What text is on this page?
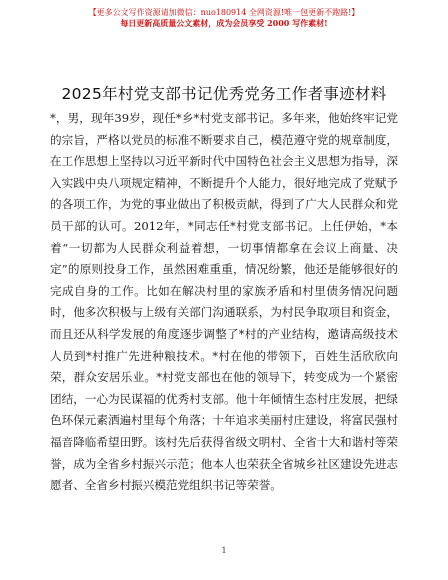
【更多公文写作资源请加微信：nuo180914 全网资源!唯一包更新不跑路!】
每日更新高质量公文素材，成为会员享受 2000 写作素材!
2025年村党支部书记优秀党务工作者事迹材料

*，男，现年39岁，现任*乡*村党支部书记。多年来，他始终牢记党的宗旨，严格以党员的标准不断要求自己，模范遵守党的规章制度，在工作思想上坚持以习近平新时代中国特色社会主义思想为指导，深入实践中央八项规定精神，不断提升个人能力，很好地完成了党赋予的各项工作，为党的事业做出了积极贡献，得到了广大人民群众和党员干部的认可。2012年，*同志任*村党支部书记。上任伊始，*本着“一切都为人民群众利益着想，一切事情都拿在会议上商量、决定”的原则投身工作，虽然困难重重，情况纷繁，他还是能够很好的完成自身的工作。比如在解决村里的家族矛盾和村里债务情况问题时，他多次积极与上级有关部门沟通联系，为村民争取项目和资金，而且还从科学发展的角度逐步调整了*村的产业结构，邀请高级技术人员到*村推广先进种粮技术。*村在他的带领下，百姓生活欣欣向荣，群众安居乐业。*村党支部也在他的领导下，转变成为一个紧密团结，一心为民谋福的优秀村支部。他十年倾情生态村庄发展，把绿色环保元素洒遍村里每个角落；十年追求美丽村庄建设，将富民强村福音降临希望田野。该村先后获得省级文明村、全省十大和谐村等荣誉，成为全省乡村振兴示范；他本人也荣获全省城乡社区建设先进志愿者、全省乡村振兴模范党组织书记等荣誉。

1
